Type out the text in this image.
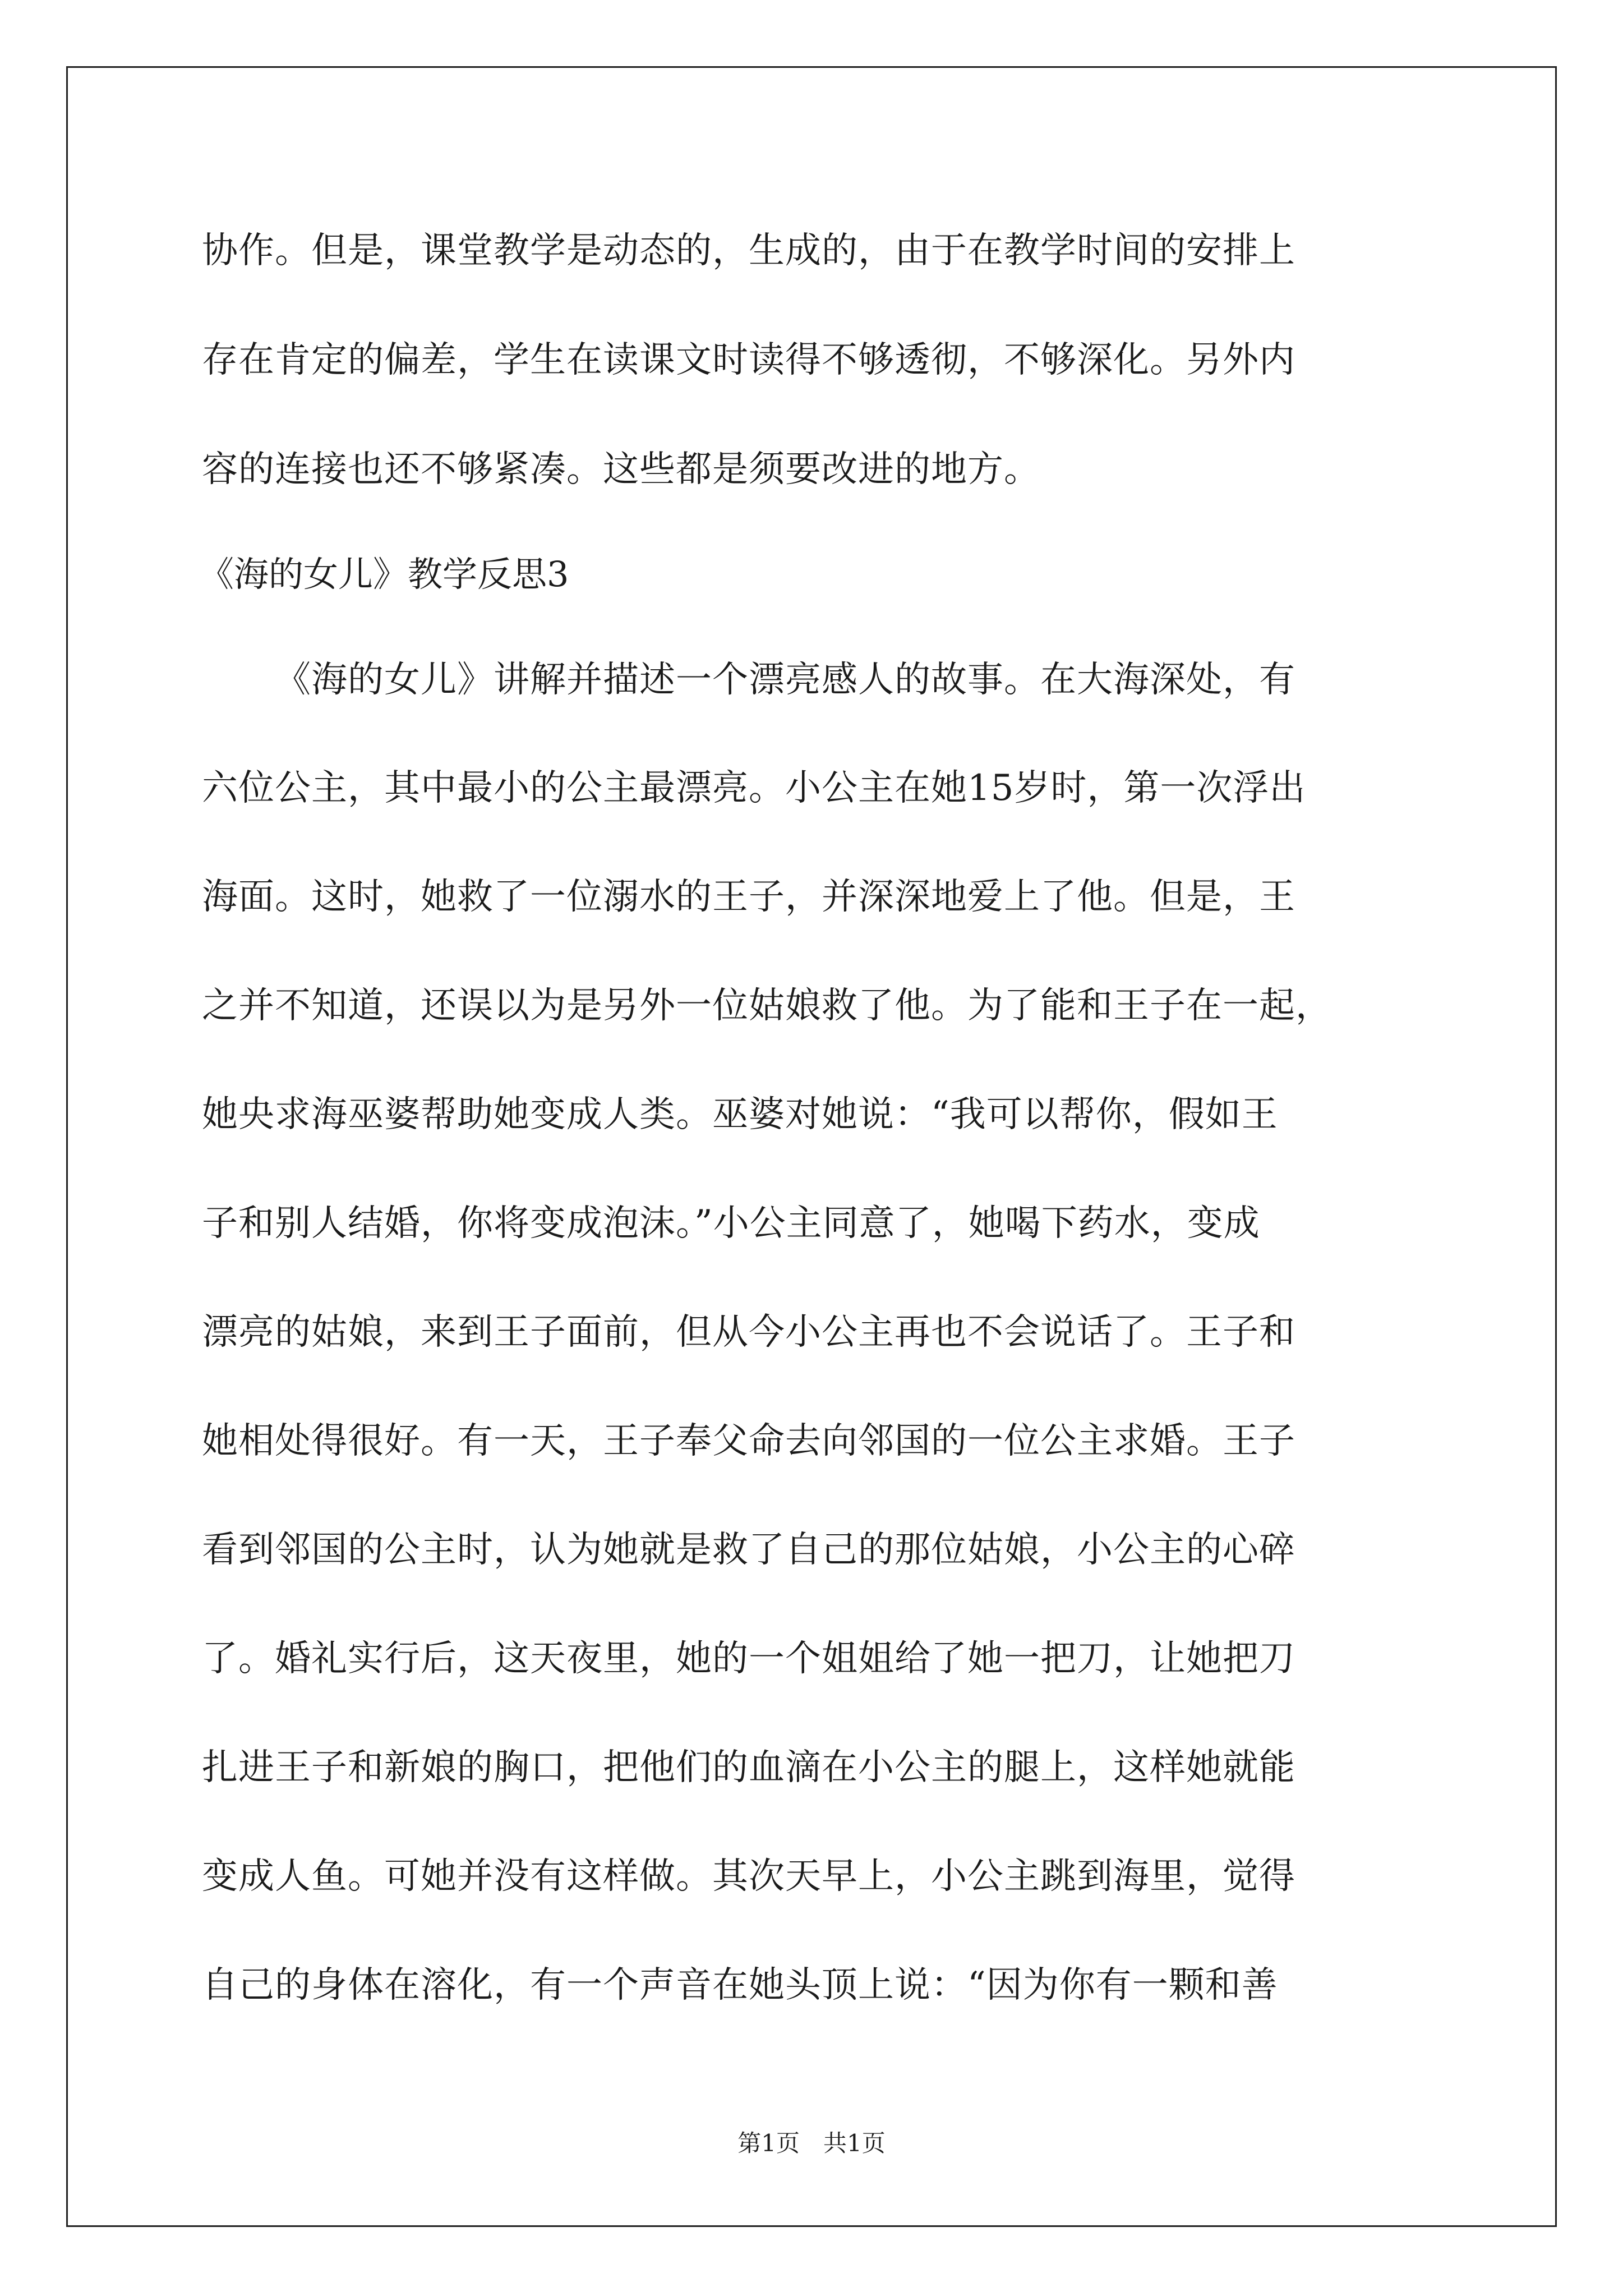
协作。但是，课堂教学是动态的，生成的，由于在教学时间的安排上
存在肯定的偏差，学生在读课文时读得不够透彻，不够深化。另外内
容的连接也还不够紧凑。这些都是须要改进的地方。
《海的女儿》教学反思3
《海的女儿》讲解并描述一个漂亮感人的故事。在大海深处，有
六位公主，其中最小的公主最漂亮。小公主在她15岁时，第一次浮出
海面。这时，她救了一位溺水的王子，并深深地爱上了他。但是，王
之并不知道，还误以为是另外一位姑娘救了他。为了能和王子在一起，
她央求海巫婆帮助她变成人类。巫婆对她说：“我可以帮你，假如王
子和别人结婚，你将变成泡沫。”小公主同意了，她喝下药水，变成
漂亮的姑娘，来到王子面前，但从今小公主再也不会说话了。王子和
她相处得很好。有一天，王子奉父命去向邻国的一位公主求婚。王子
看到邻国的公主时，认为她就是救了自己的那位姑娘，小公主的心碎
了。婚礼实行后，这天夜里，她的一个姐姐给了她一把刀，让她把刀
扎进王子和新娘的胸口，把他们的血滴在小公主的腿上，这样她就能
变成人鱼。可她并没有这样做。其次天早上，小公主跳到海里，觉得
自己的身体在溶化，有一个声音在她头顶上说：“因为你有一颗和善
第1页　共1页
